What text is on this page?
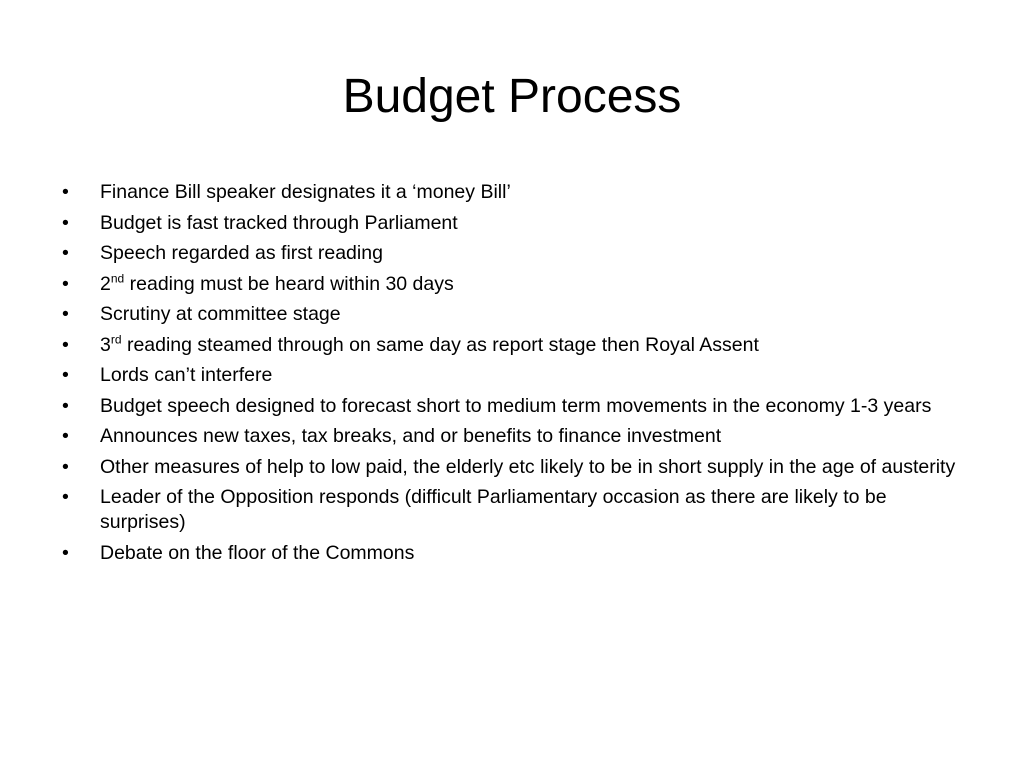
Budget Process
•	Finance Bill speaker designates it a ‘money Bill’
•	Budget is fast tracked through Parliament
•	Speech regarded as first reading
•	2nd reading must be heard within 30 days
•	Scrutiny at committee stage
•	3rd reading steamed through on same day as report stage then Royal Assent
•	Lords can’t interfere
•	Budget speech designed to forecast short to medium term movements in the economy 1-3 years
•	Announces new taxes, tax breaks, and or benefits to finance investment
•	Other measures of help to low paid, the elderly etc likely to be in short supply in the age of austerity
•	Leader of the Opposition responds (difficult Parliamentary occasion as there are likely to be surprises)
•	Debate on the floor of the Commons
